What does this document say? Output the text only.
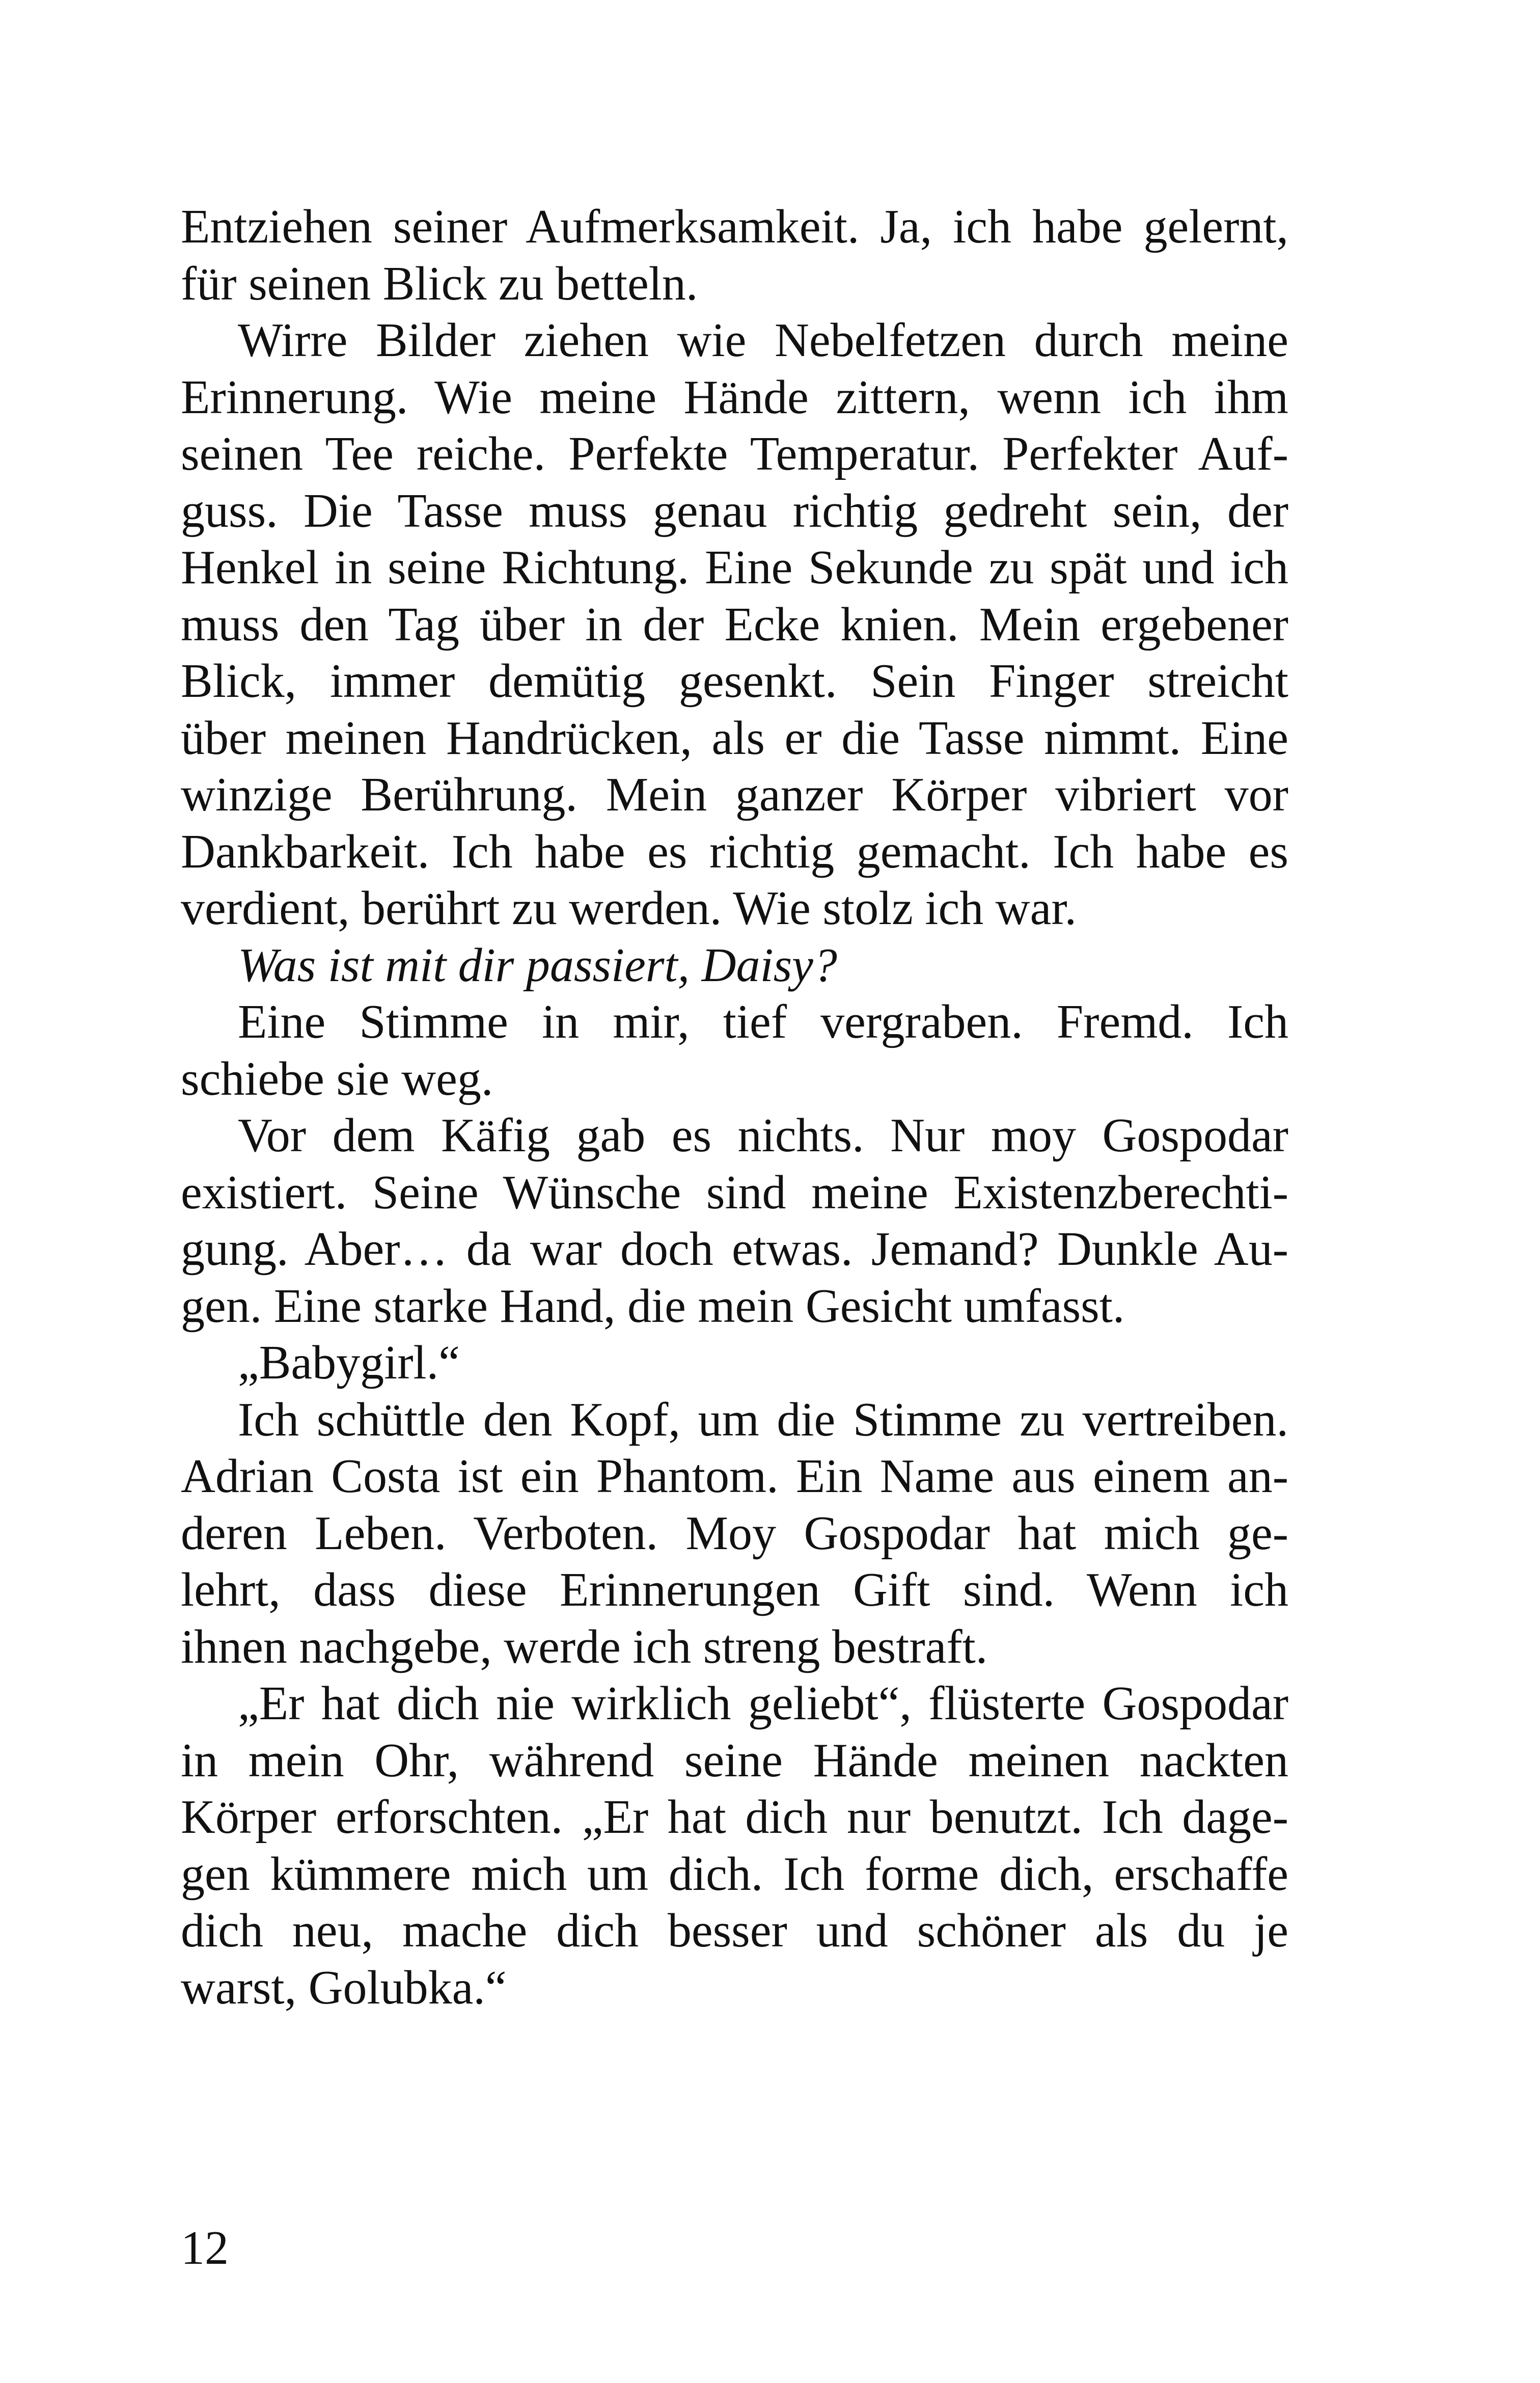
Entziehen seiner Aufmerksamkeit. Ja, ich habe gelernt,
für seinen Blick zu betteln.
Wirre Bilder ziehen wie Nebelfetzen durch meine
Erinnerung. Wie meine Hände zittern, wenn ich ihm
seinen Tee reiche. Perfekte Temperatur. Perfekter Auf-
guss. Die Tasse muss genau richtig gedreht sein, der
Henkel in seine Richtung. Eine Sekunde zu spät und ich
muss den Tag über in der Ecke knien. Mein ergebener
Blick, immer demütig gesenkt. Sein Finger streicht
über meinen Handrücken, als er die Tasse nimmt. Eine
winzige Berührung. Mein ganzer Körper vibriert vor
Dankbarkeit. Ich habe es richtig gemacht. Ich habe es
verdient, berührt zu werden. Wie stolz ich war.
Was ist mit dir passiert, Daisy?
Eine Stimme in mir, tief vergraben. Fremd. Ich
schiebe sie weg.
Vor dem Käfig gab es nichts. Nur moy Gospodar
existiert. Seine Wünsche sind meine Existenzberechti-
gung. Aber… da war doch etwas. Jemand? Dunkle Au-
gen. Eine starke Hand, die mein Gesicht umfasst.
„Babygirl.“
Ich schüttle den Kopf, um die Stimme zu vertreiben.
Adrian Costa ist ein Phantom. Ein Name aus einem an-
deren Leben. Verboten. Moy Gospodar hat mich ge-
lehrt, dass diese Erinnerungen Gift sind. Wenn ich
ihnen nachgebe, werde ich streng bestraft.
„Er hat dich nie wirklich geliebt“, flüsterte Gospodar
in mein Ohr, während seine Hände meinen nackten
Körper erforschten. „Er hat dich nur benutzt. Ich dage-
gen kümmere mich um dich. Ich forme dich, erschaffe
dich neu, mache dich besser und schöner als du je
warst, Golubka.“
12
